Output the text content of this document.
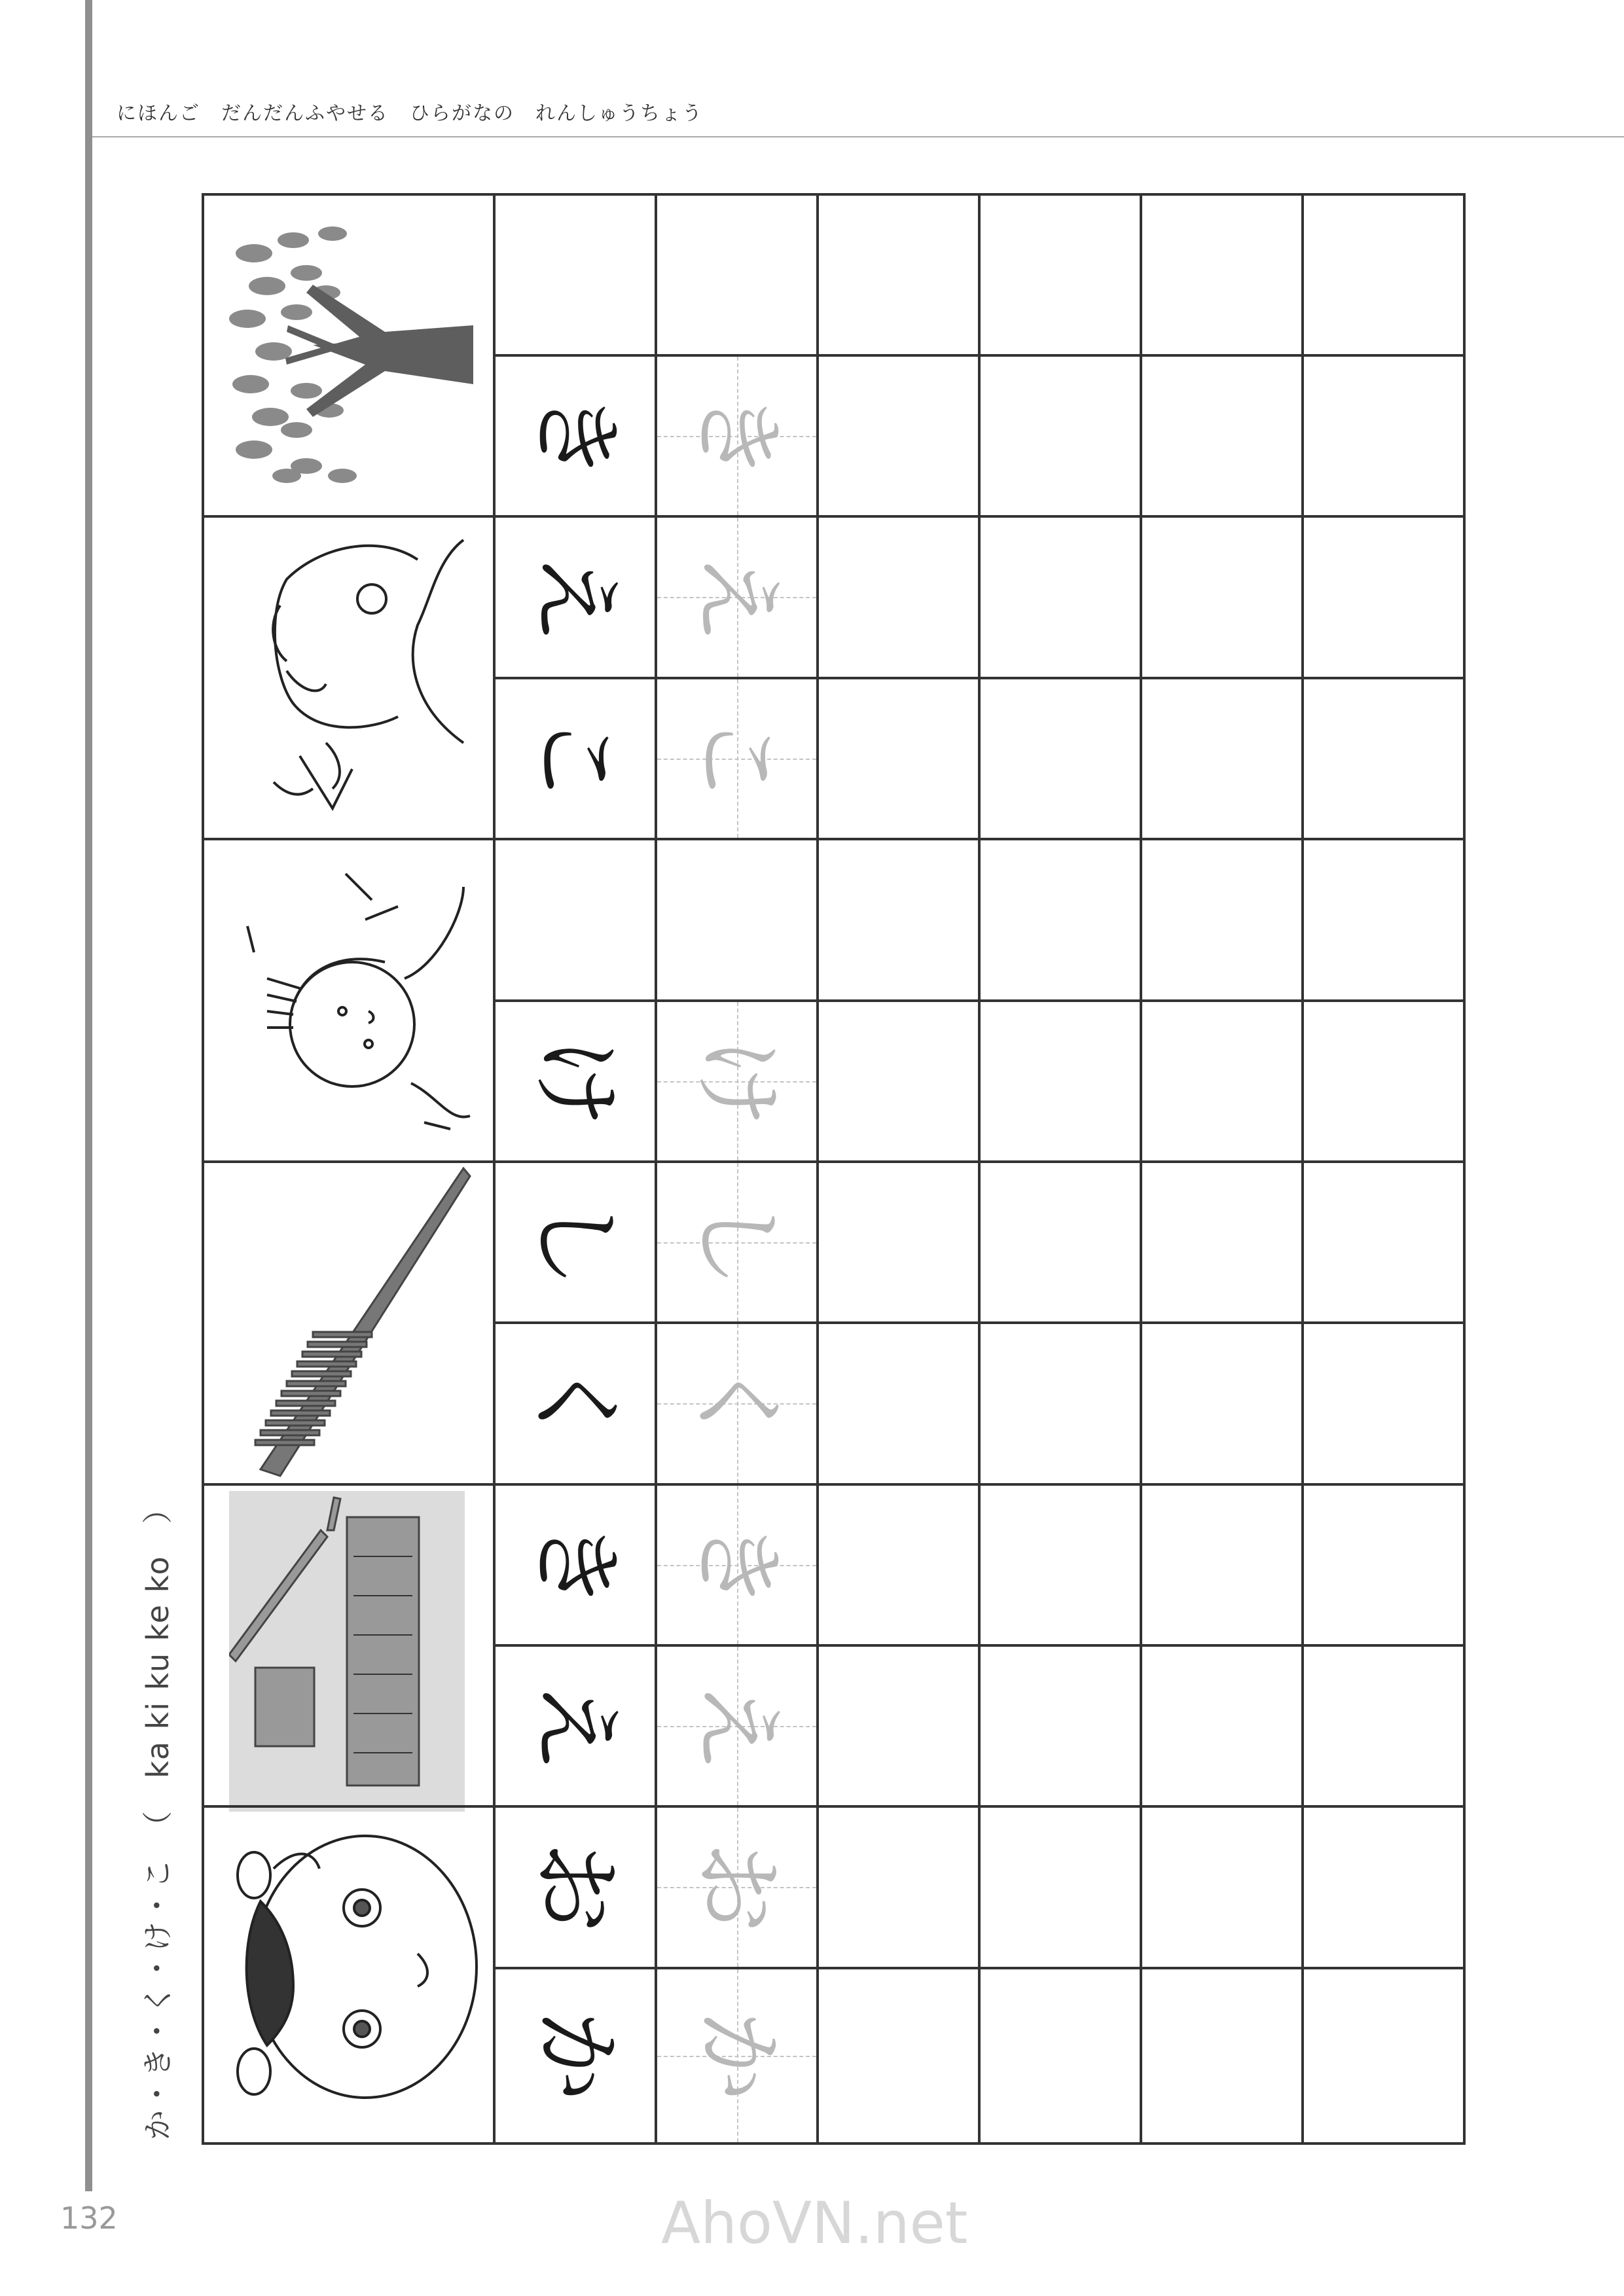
にほんご　だんだんふやせる　ひらがなの　れんしゅうちょう
か・き・く・け・こ　（　ka ki ku ke ko　）
132	AhoVN.net
き
え
こ
け
し
く
き
え
お
か
き
え
こ
け
し
く
き
え
お
か
